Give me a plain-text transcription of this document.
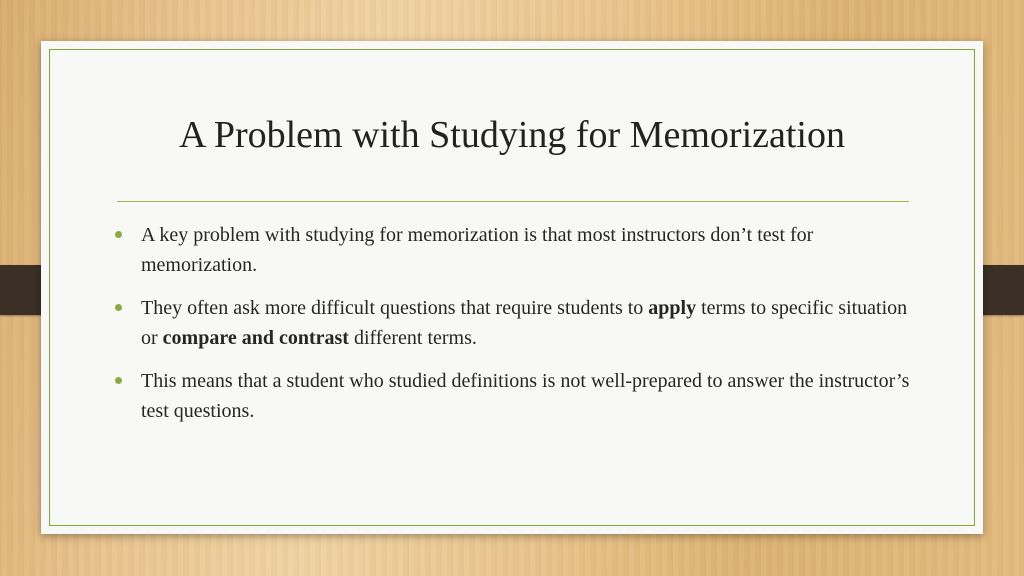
A Problem with Studying for Memorization
A key problem with studying for memorization is that most instructors don’t test for memorization.
They often ask more difficult questions that require students to apply terms to specific situation or compare and contrast different terms.
This means that a student who studied definitions is not well-prepared to answer the instructor’s test questions.
